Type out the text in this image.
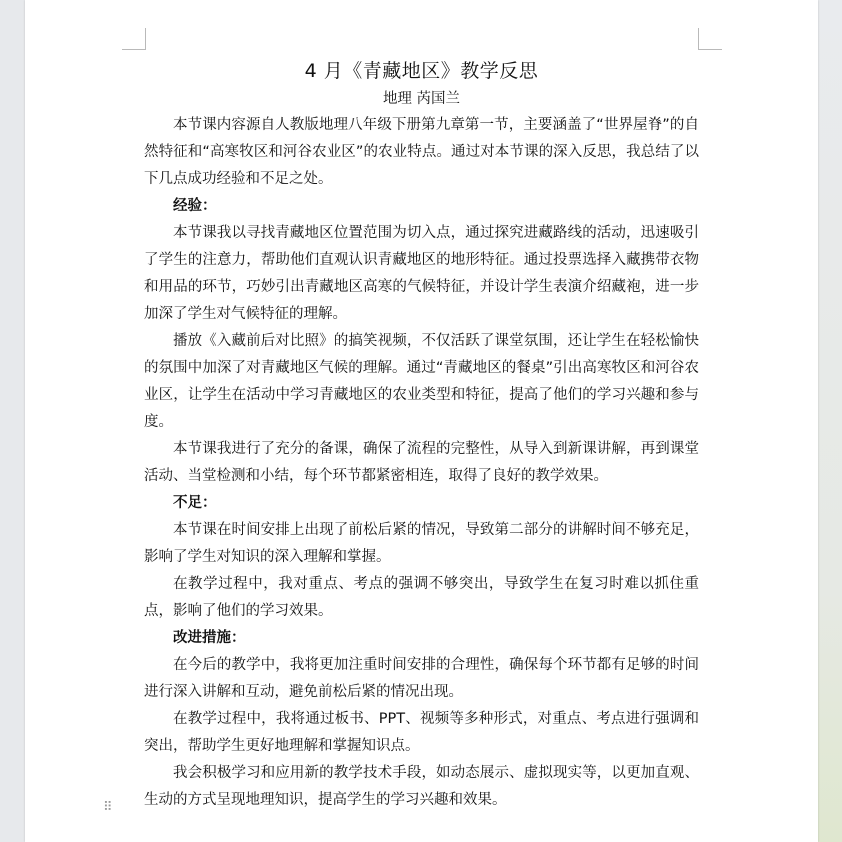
4 月《青藏地区》教学反思

地理 芮国兰

本节课内容源自人教版地理八年级下册第九章第一节，主要涵盖了“世界屋脊”的自然特征和“高寒牧区和河谷农业区”的农业特点。通过对本节课的深入反思，我总结了以下几点成功经验和不足之处。

经验：

本节课我以寻找青藏地区位置范围为切入点，通过探究进藏路线的活动，迅速吸引了学生的注意力，帮助他们直观认识青藏地区的地形特征。通过投票选择入藏携带衣物和用品的环节，巧妙引出青藏地区高寒的气候特征，并设计学生表演介绍藏袍，进一步加深了学生对气候特征的理解。

播放《入藏前后对比照》的搞笑视频，不仅活跃了课堂氛围，还让学生在轻松愉快的氛围中加深了对青藏地区气候的理解。通过“青藏地区的餐桌”引出高寒牧区和河谷农业区，让学生在活动中学习青藏地区的农业类型和特征，提高了他们的学习兴趣和参与度。

本节课我进行了充分的备课，确保了流程的完整性，从导入到新课讲解，再到课堂活动、当堂检测和小结，每个环节都紧密相连，取得了良好的教学效果。

不足：

本节课在时间安排上出现了前松后紧的情况，导致第二部分的讲解时间不够充足，影响了学生对知识的深入理解和掌握。

在教学过程中，我对重点、考点的强调不够突出，导致学生在复习时难以抓住重点，影响了他们的学习效果。

改进措施：

在今后的教学中，我将更加注重时间安排的合理性，确保每个环节都有足够的时间进行深入讲解和互动，避免前松后紧的情况出现。

在教学过程中，我将通过板书、PPT、视频等多种形式，对重点、考点进行强调和突出，帮助学生更好地理解和掌握知识点。

我会积极学习和应用新的教学技术手段，如动态展示、虚拟现实等，以更加直观、生动的方式呈现地理知识，提高学生的学习兴趣和效果。

⠿
